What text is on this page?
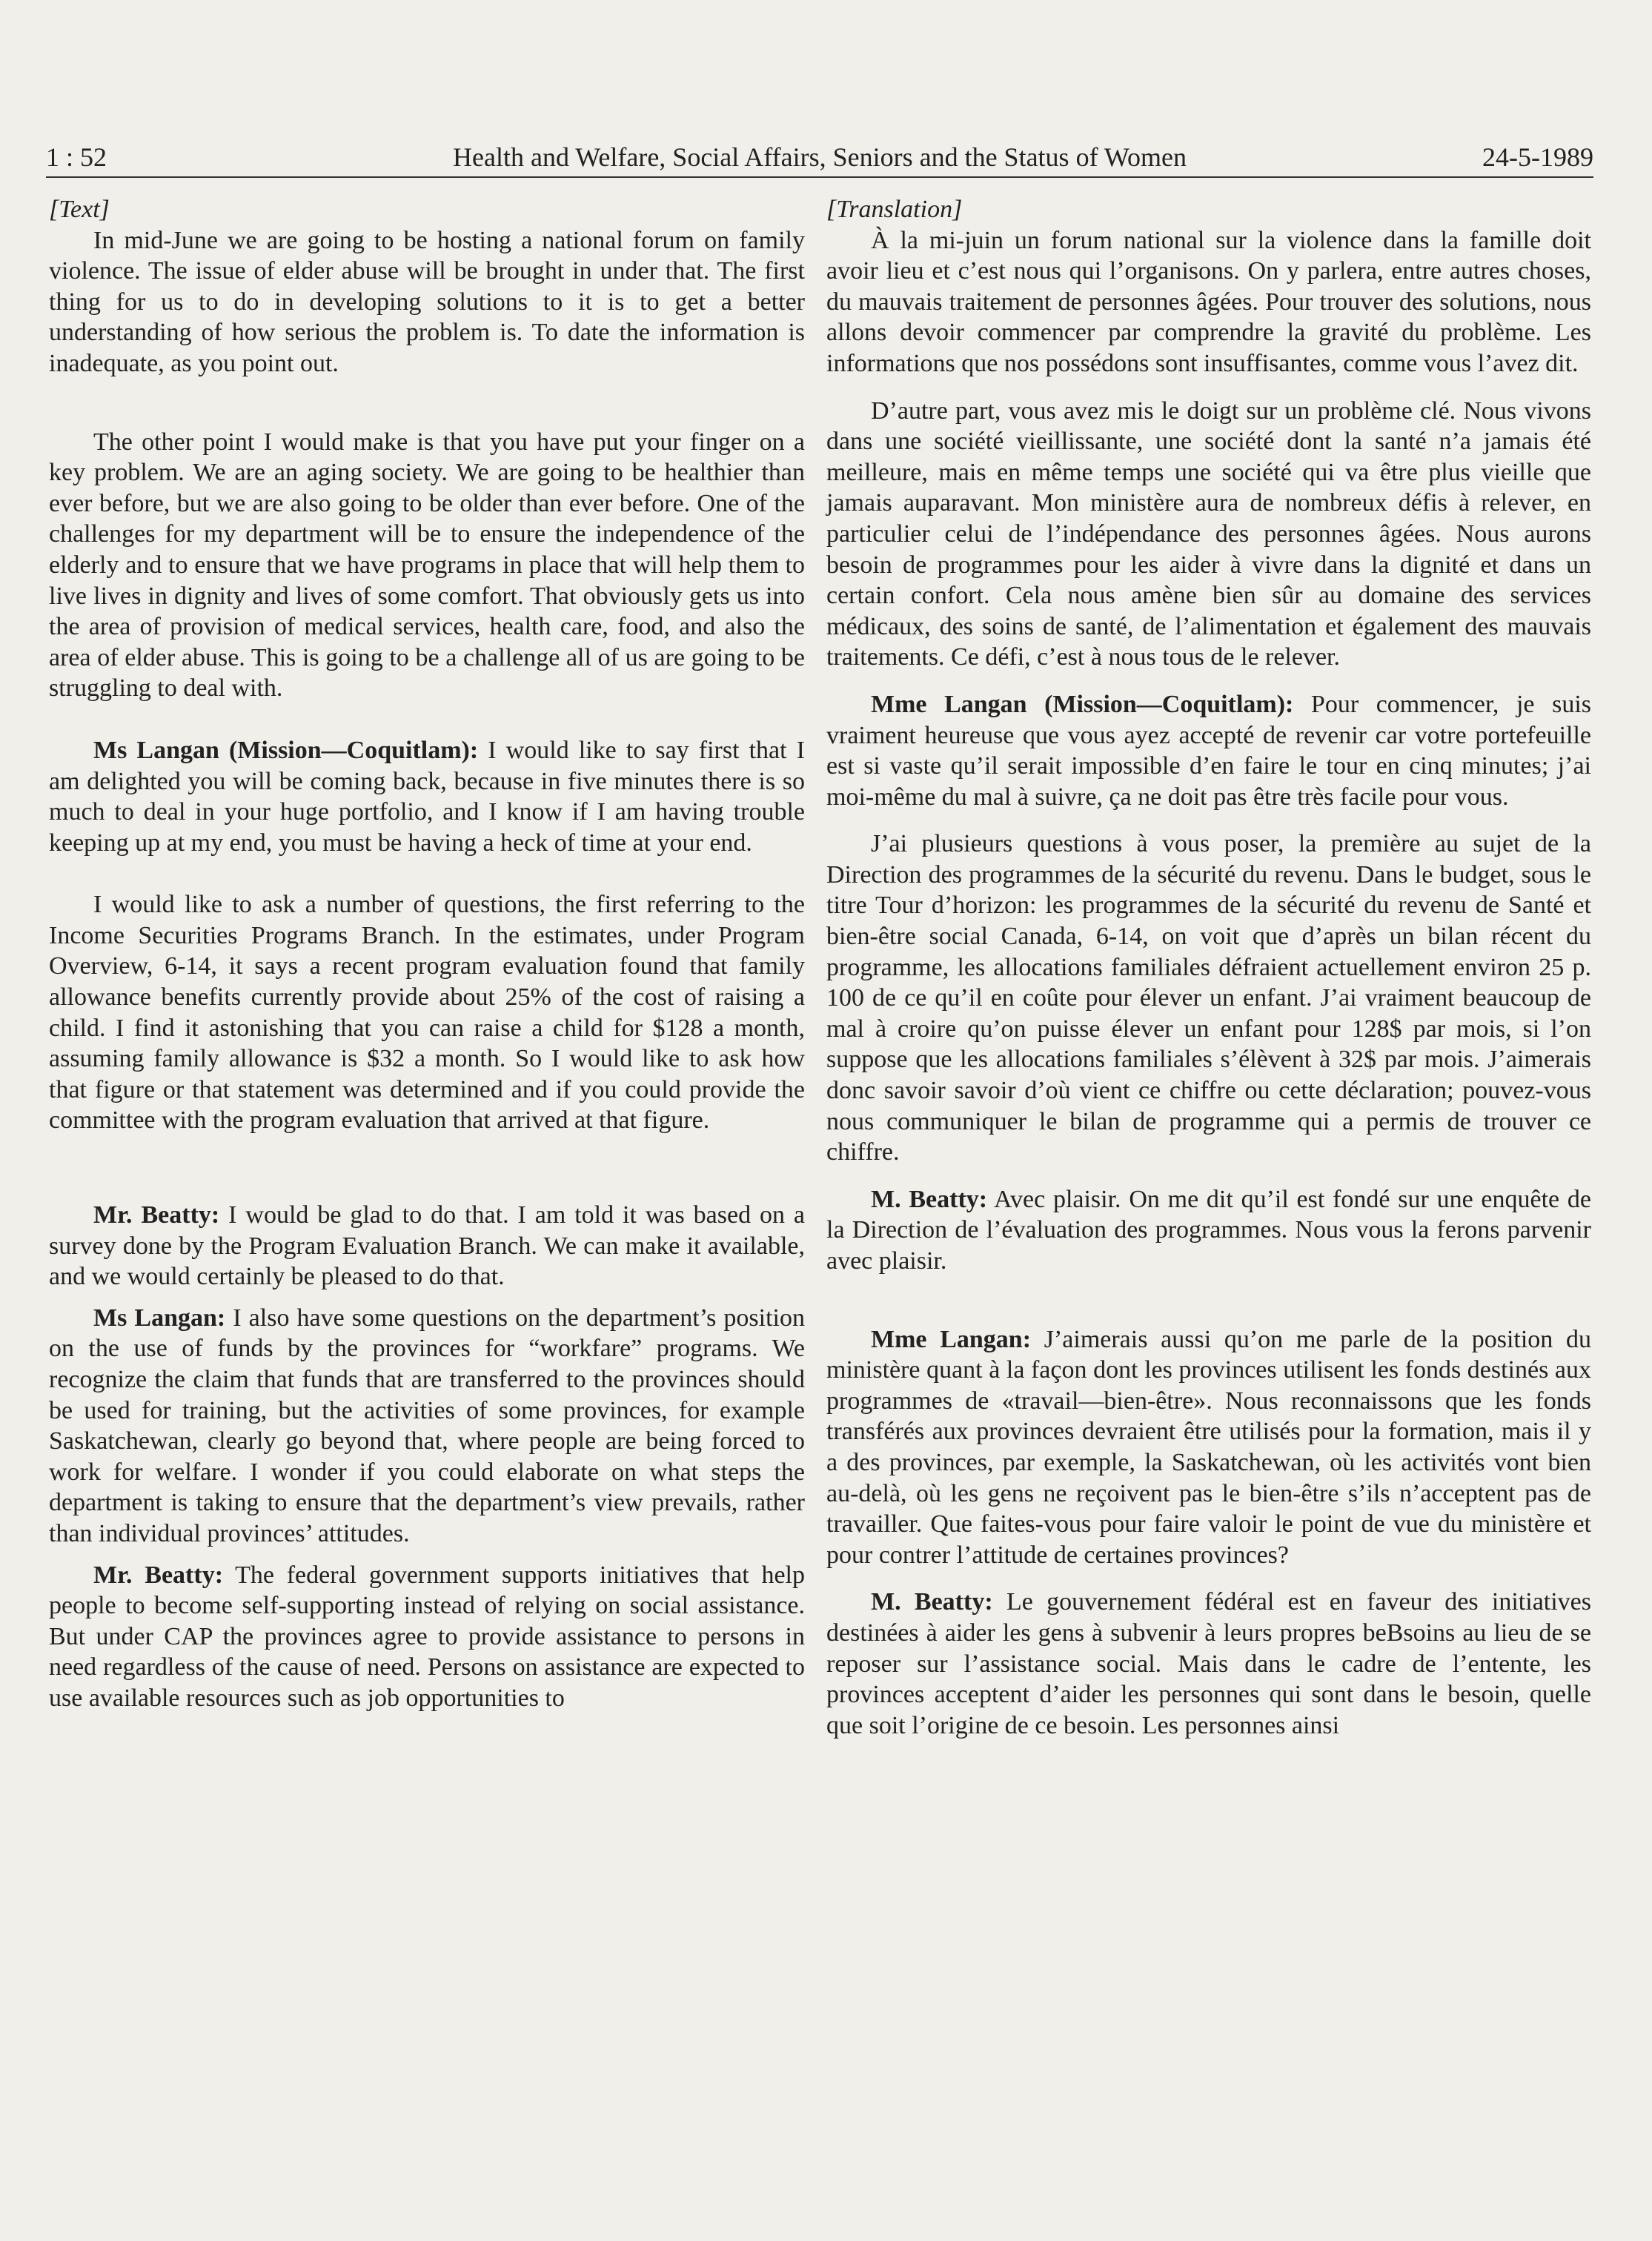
1 : 52	Health and Welfare, Social Affairs, Seniors and the Status of Women	24-5-1989
[Text]

In mid-June we are going to be hosting a national forum on family violence. The issue of elder abuse will be brought in under that. The first thing for us to do in developing solutions to it is to get a better understanding of how serious the problem is. To date the information is inadequate, as you point out.

The other point I would make is that you have put your finger on a key problem. We are an aging society. We are going to be healthier than ever before, but we are also going to be older than ever before. One of the challenges for my department will be to ensure the independence of the elderly and to ensure that we have programs in place that will help them to live lives in dignity and lives of some comfort. That obviously gets us into the area of provision of medical services, health care, food, and also the area of elder abuse. This is going to be a challenge all of us are going to be struggling to deal with.

Ms Langan (Mission—Coquitlam): I would like to say first that I am delighted you will be coming back, because in five minutes there is so much to deal in your huge portfolio, and I know if I am having trouble keeping up at my end, you must be having a heck of time at your end.

I would like to ask a number of questions, the first referring to the Income Securities Programs Branch. In the estimates, under Program Overview, 6-14, it says a recent program evaluation found that family allowance benefits currently provide about 25% of the cost of raising a child. I find it astonishing that you can raise a child for $128 a month, assuming family allowance is $32 a month. So I would like to ask how that figure or that statement was determined and if you could provide the committee with the program evaluation that arrived at that figure.

Mr. Beatty: I would be glad to do that. I am told it was based on a survey done by the Program Evaluation Branch. We can make it available, and we would certainly be pleased to do that.

Ms Langan: I also have some questions on the department’s position on the use of funds by the provinces for “workfare” programs. We recognize the claim that funds that are transferred to the provinces should be used for training, but the activities of some provinces, for example Saskatchewan, clearly go beyond that, where people are being forced to work for welfare. I wonder if you could elaborate on what steps the department is taking to ensure that the department’s view prevails, rather than individual provinces’ attitudes.

Mr. Beatty: The federal government supports initiatives that help people to become self-supporting instead of relying on social assistance. But under CAP the provinces agree to provide assistance to persons in need regardless of the cause of need. Persons on assistance are expected to use available resources such as job opportunities to

[Translation]

À la mi-juin un forum national sur la violence dans la famille doit avoir lieu et c’est nous qui l’organisons. On y parlera, entre autres choses, du mauvais traitement de personnes âgées. Pour trouver des solutions, nous allons devoir commencer par comprendre la gravité du problème. Les informations que nos possédons sont insuffisantes, comme vous l’avez dit.

D’autre part, vous avez mis le doigt sur un problème clé. Nous vivons dans une société vieillissante, une société dont la santé n’a jamais été meilleure, mais en même temps une société qui va être plus vieille que jamais auparavant. Mon ministère aura de nombreux défis à relever, en particulier celui de l’indépendance des personnes âgées. Nous aurons besoin de programmes pour les aider à vivre dans la dignité et dans un certain confort. Cela nous amène bien sûr au domaine des services médicaux, des soins de santé, de l’alimentation et également des mauvais traitements. Ce défi, c’est à nous tous de le relever.

Mme Langan (Mission—Coquitlam): Pour commencer, je suis vraiment heureuse que vous ayez accepté de revenir car votre portefeuille est si vaste qu’il serait impossible d’en faire le tour en cinq minutes; j’ai moi-même du mal à suivre, ça ne doit pas être très facile pour vous.

J’ai plusieurs questions à vous poser, la première au sujet de la Direction des programmes de la sécurité du revenu. Dans le budget, sous le titre Tour d’horizon: les programmes de la sécurité du revenu de Santé et bien-être social Canada, 6-14, on voit que d’après un bilan récent du programme, les allocations familiales défraient actuellement environ 25 p. 100 de ce qu’il en coûte pour élever un enfant. J’ai vraiment beaucoup de mal à croire qu’on puisse élever un enfant pour 128$ par mois, si l’on suppose que les allocations familiales s’élèvent à 32$ par mois. J’aimerais donc savoir savoir d’où vient ce chiffre ou cette déclaration; pouvez-vous nous communiquer le bilan de programme qui a permis de trouver ce chiffre.

M. Beatty: Avec plaisir. On me dit qu’il est fondé sur une enquête de la Direction de l’évaluation des programmes. Nous vous la ferons parvenir avec plaisir.

Mme Langan: J’aimerais aussi qu’on me parle de la position du ministère quant à la façon dont les provinces utilisent les fonds destinés aux programmes de «travail—bien-être». Nous reconnaissons que les fonds transférés aux provinces devraient être utilisés pour la formation, mais il y a des provinces, par exemple, la Saskatchewan, où les activités vont bien au-delà, où les gens ne reçoivent pas le bien-être s’ils n’acceptent pas de travailler. Que faites-vous pour faire valoir le point de vue du ministère et pour contrer l’attitude de certaines provinces?

M. Beatty: Le gouvernement fédéral est en faveur des initiatives destinées à aider les gens à subvenir à leurs propres beBsoins au lieu de se reposer sur l’assistance social. Mais dans le cadre de l’entente, les provinces acceptent d’aider les personnes qui sont dans le besoin, quelle que soit l’origine de ce besoin. Les personnes ainsi
